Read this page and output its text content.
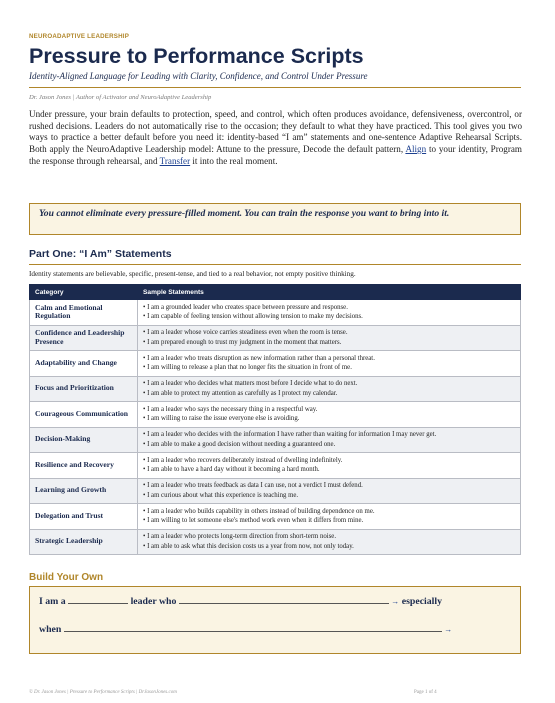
NEUROADAPTIVE LEADERSHIP
Pressure to Performance Scripts
Identity-Aligned Language for Leading with Clarity, Confidence, and Control Under Pressure
Dr. Jason Jones | Author of Activator and NeuroAdaptive Leadership

Under pressure, your brain defaults to protection, speed, and control, which often produces avoidance, defensiveness, overcontrol, or rushed decisions. Leaders do not automatically rise to the occasion; they default to what they have practiced. This tool gives you two ways to practice a better default before you need it: identity-based “I am” statements and one-sentence Adaptive Rehearsal Scripts. Both apply the NeuroAdaptive Leadership model: Attune to the pressure, Decode the default pattern, Align to your identity, Program the response through rehearsal, and Transfer it into the real moment.

You cannot eliminate every pressure-filled moment. You can train the response you want to bring into it.
Part One: “I Am” Statements
Identity statements are believable, specific, present-tense, and tied to a real behavior, not empty positive thinking.
Category	Sample Statements
Calm and Emotional Regulation	• I am a grounded leader who creates space between pressure and response.
• I am capable of feeling tension without allowing tension to make my decisions.

Confidence and Leadership Presence	• I am a leader whose voice carries steadiness even when the room is tense.
• I am prepared enough to trust my judgment in the moment that matters.

Adaptability and Change	• I am a leader who treats disruption as new information rather than a personal threat.
• I am willing to release a plan that no longer fits the situation in front of me.

Focus and Prioritization	• I am a leader who decides what matters most before I decide what to do next.
• I am able to protect my attention as carefully as I protect my calendar.

Courageous Communication	• I am a leader who says the necessary thing in a respectful way.
• I am willing to raise the issue everyone else is avoiding.

Decision-Making	• I am a leader who decides with the information I have rather than waiting for information I may never get.
• I am able to make a good decision without needing a guaranteed one.

Resilience and Recovery	• I am a leader who recovers deliberately instead of dwelling indefinitely.
• I am able to have a hard day without it becoming a hard month.

Learning and Growth	• I am a leader who treats feedback as data I can use, not a verdict I must defend.
• I am curious about what this experience is teaching me.

Delegation and Trust	• I am a leader who builds capability in others instead of building dependence on me.
• I am willing to let someone else's method work even when it differs from mine.

Strategic Leadership	• I am a leader who protects long-term direction from short-term noise.
• I am able to ask what this decision costs us a year from now, not only today.
Build Your Own
I am a	leader who	→ especially
when	→
© Dr. Jason Jones | Pressure to Performance Scripts | DrJasonJones.com	Page 1 of 4
